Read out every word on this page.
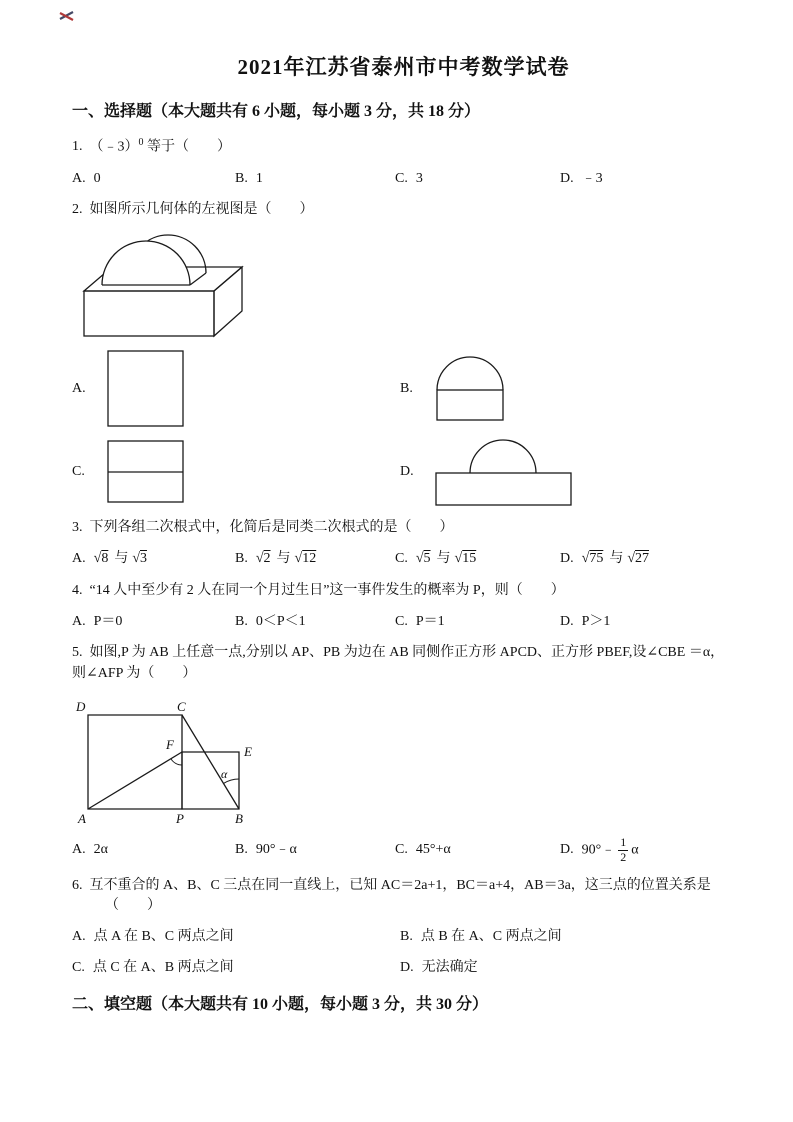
2021年江苏省泰州市中考数学试卷
一、选择题（本大题共有 6 小题，每小题 3 分，共 18 分）
1. （﹣3）$^0$ 等于（　　）
A. 0	B. 1	C. 3	D. ﹣3
2. 如图所示几何体的左视图是（　　）
A.	B.
C.	D.
3. 下列各组二次根式中，化简后是同类二次根式的是（　　）
A. √8 与 √3	B. √2 与 √12	C. √5 与 √15	D. √75 与 √27
4. “14 人中至少有 2 人在同一个月过生日”这一事件发生的概率为 P，则（　　）
A. P＝0	B. 0＜P＜1	C. P＝1	D. P＞1
5. 如图,P 为 AB 上任意一点,分别以 AP、PB 为边在 AB 同侧作正方形 APCD、正方形 PBEF,设∠CBE ＝α，
则∠AFP 为（　　）
D	C
F	E
A	P	B
α
A. 2α	B. 90°﹣α	C. 45°+α	D. 90°﹣ $\frac{1}{2}$ α
6. 互不重合的 A、B、C 三点在同一直线上，已知 AC＝2a+1，BC＝a+4，AB＝3a，这三点的位置关系是
（　　）
A. 点 A 在 B、C 两点之间	B. 点 B 在 A、C 两点之间
C. 点 C 在 A、B 两点之间	D. 无法确定
二、填空题（本大题共有 10 小题，每小题 3 分，共 30 分）
